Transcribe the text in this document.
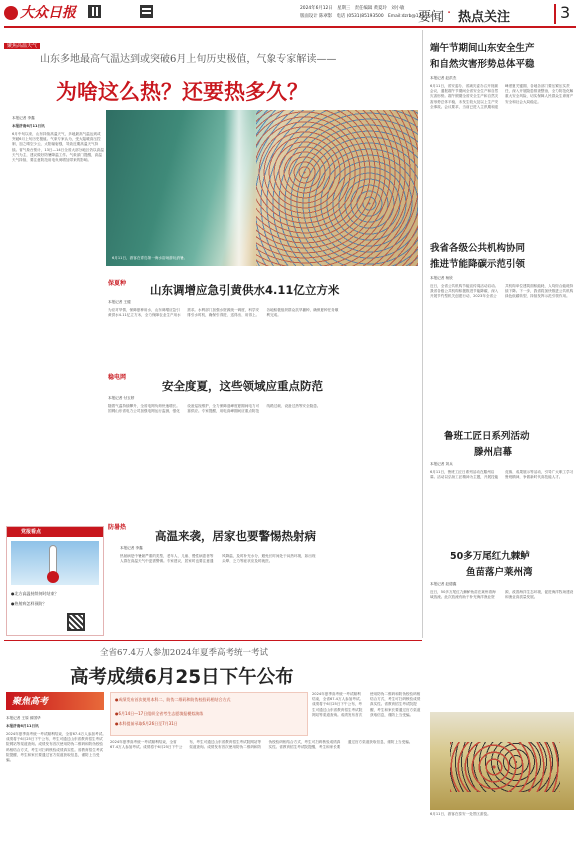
大众日报	2024年6月12日　星期三　责任编辑 黄夏玲　刘小敏
版面设计 陈翠影　电话 (0531)85193500　Email:dzrb@126.com
要闻 · 热点关注	3
聚焦高温天气
山东多地最高气温达到或突破6月上旬历史极值，气象专家解读——
为啥这么热？还要热多久？
本报记者 李鑫
本报济南6月11日讯
6月中旬以来，山东持续高温天气，多地最高气温达到或突破6月上旬历史极值。气象专家认为，受大陆暖高压控制，加之晴空少云、太阳辐射强，导致近期高温天气持续。省气象台预计，13日—14日全省大部分地区仍以高温天气为主，建议做好防暑降温工作。气象部门提醒，高温天气持续，要注意防范用电负荷增加带来的影响。
6月11日，游客在青岛第一海水浴场游玩消暑。
保夏种 山东调增应急引黄供水4.11亿立方米
本报记者 王健
为应对旱情，保障夏种用水，山东调增应急引黄供水4.11亿立方米，全力保障农业生产用水需求。水利部门加强水资源统一调度，科学安排引水时机，确保引得进、送得出、用得上。各地积极组织群众抗旱播种，确保夏种任务顺利完成。
稳电网
安全度夏，这些领域应重点防范
本报记者 付玉婷
随着气温持续攀升，全省电网负荷快速增长。国网山东省电力公司加强电网运行监测，强化设备巡视维护，全力保障迎峰度夏期间电力可靠供应。专家提醒，用电高峰期间应重点防范线路过载、设备过热等安全隐患。
防暑热
高温来袭，居家也要警惕热射病
本报记者 李鑫
热射病是中暑最严重的类型，老年人、儿童、慢性病患者等人群在高温天气中更需警惕。专家建议，居家时也要注意通风降温，及时补充水分，避免长时间处于闷热环境，如出现头晕、乏力等症状应及时就医。
党报看点
●北方高温持续何时结束？
●热射病怎样预防？
端午节期间山东安全生产
和自然灾害形势总体平稳
本报记者 赵洪杰
6月11日，省安委办、省减灾委办召开视频会议，通报端午节期间全省安全生产和自然灾害形势。端午假期全省安全生产和自然灾害形势总体平稳，未发生较大及以上生产安全事故。会议要求，当前已进入主汛期和迎峰度夏关键期，各地各部门要压紧压实责任，深入开展隐患排查整治，全力防范化解重大安全风险，切实保障人民群众生命财产安全和社会大局稳定。
我省各级公共机构协同
推进节能降碳示范引领
本报记者 杨欣
近日，全省公共机构节能宣传周活动启动。我省各级公共机构积极推进节能降碳，深入开展节约型机关创建行动，2023年全省公共机构单位建筑面积能耗、人均综合能耗持续下降。下一步，我省将加快推进公共机构绿色低碳转型，持续发挥示范引领作用。
鲁班工匠日系列活动
滕州启幕
本报记者 刘兵
6月11日，鲁班工匠日系列活动在滕州启幕。活动以弘扬工匠精神为主题，开展技能竞赛、成果展示等活动，引导广大职工学习鲁班精神，争做新时代高技能人才。
50多万尾红九棘鲈
鱼苗落户莱州湾
本报记者 赵德鑫
近日，50多万尾红九棘鲈鱼苗在莱州湾海域放流。此次放流有助于补充海洋渔业资源，改善海洋生态环境，促进海洋牧场建设和渔业高质量发展。
6月11日，游客在泰安一处景区游览。
全省67.4万人参加2024年夏季高考统一考试
高考成绩6月25日下午公布
聚焦高考
本报记者 王原 薛国华
本报济南6月11日讯
2024年夏季高考统一考试顺利结束，全省67.4万人参加考试。成绩将于6月25日下午公布，考生可通过山东省教育招生考试院网站等渠道查询。成绩发布首次使用防伪二维码和防伪校验码相结合方式，考生可扫码核验成绩真实性。省教育招生考试院提醒，考生和家长要通过官方渠道获取信息，谨防上当受骗。
●成绩发布首次使用本科二、防伪二维码和防伪校验码相结合方式
●6月14日—17日组织全省考生志愿填报模拟演练
●本科提前录取6月26日至7月31日
2024年夏季高考统一考试顺利结束，全省67.4万人参加考试。成绩将于6月25日下午公布，考生可通过山东省教育招生考试院网站等渠道查询。成绩发布首次使用防伪二维码和防伪校验码相结合方式，考生可扫码核验成绩真实性。省教育招生考试院提醒，考生和家长要通过官方渠道获取信息，谨防上当受骗。
2024年夏季高考统一考试顺利结束，全省67.4万人参加考试。成绩将于6月25日下午公布，考生可通过山东省教育招生考试院网站等渠道查询。成绩发布首次使用防伪二维码和防伪校验码相结合方式，考生可扫码核验成绩真实性。省教育招生考试院提醒，考生和家长要通过官方渠道获取信息，谨防上当受骗。
